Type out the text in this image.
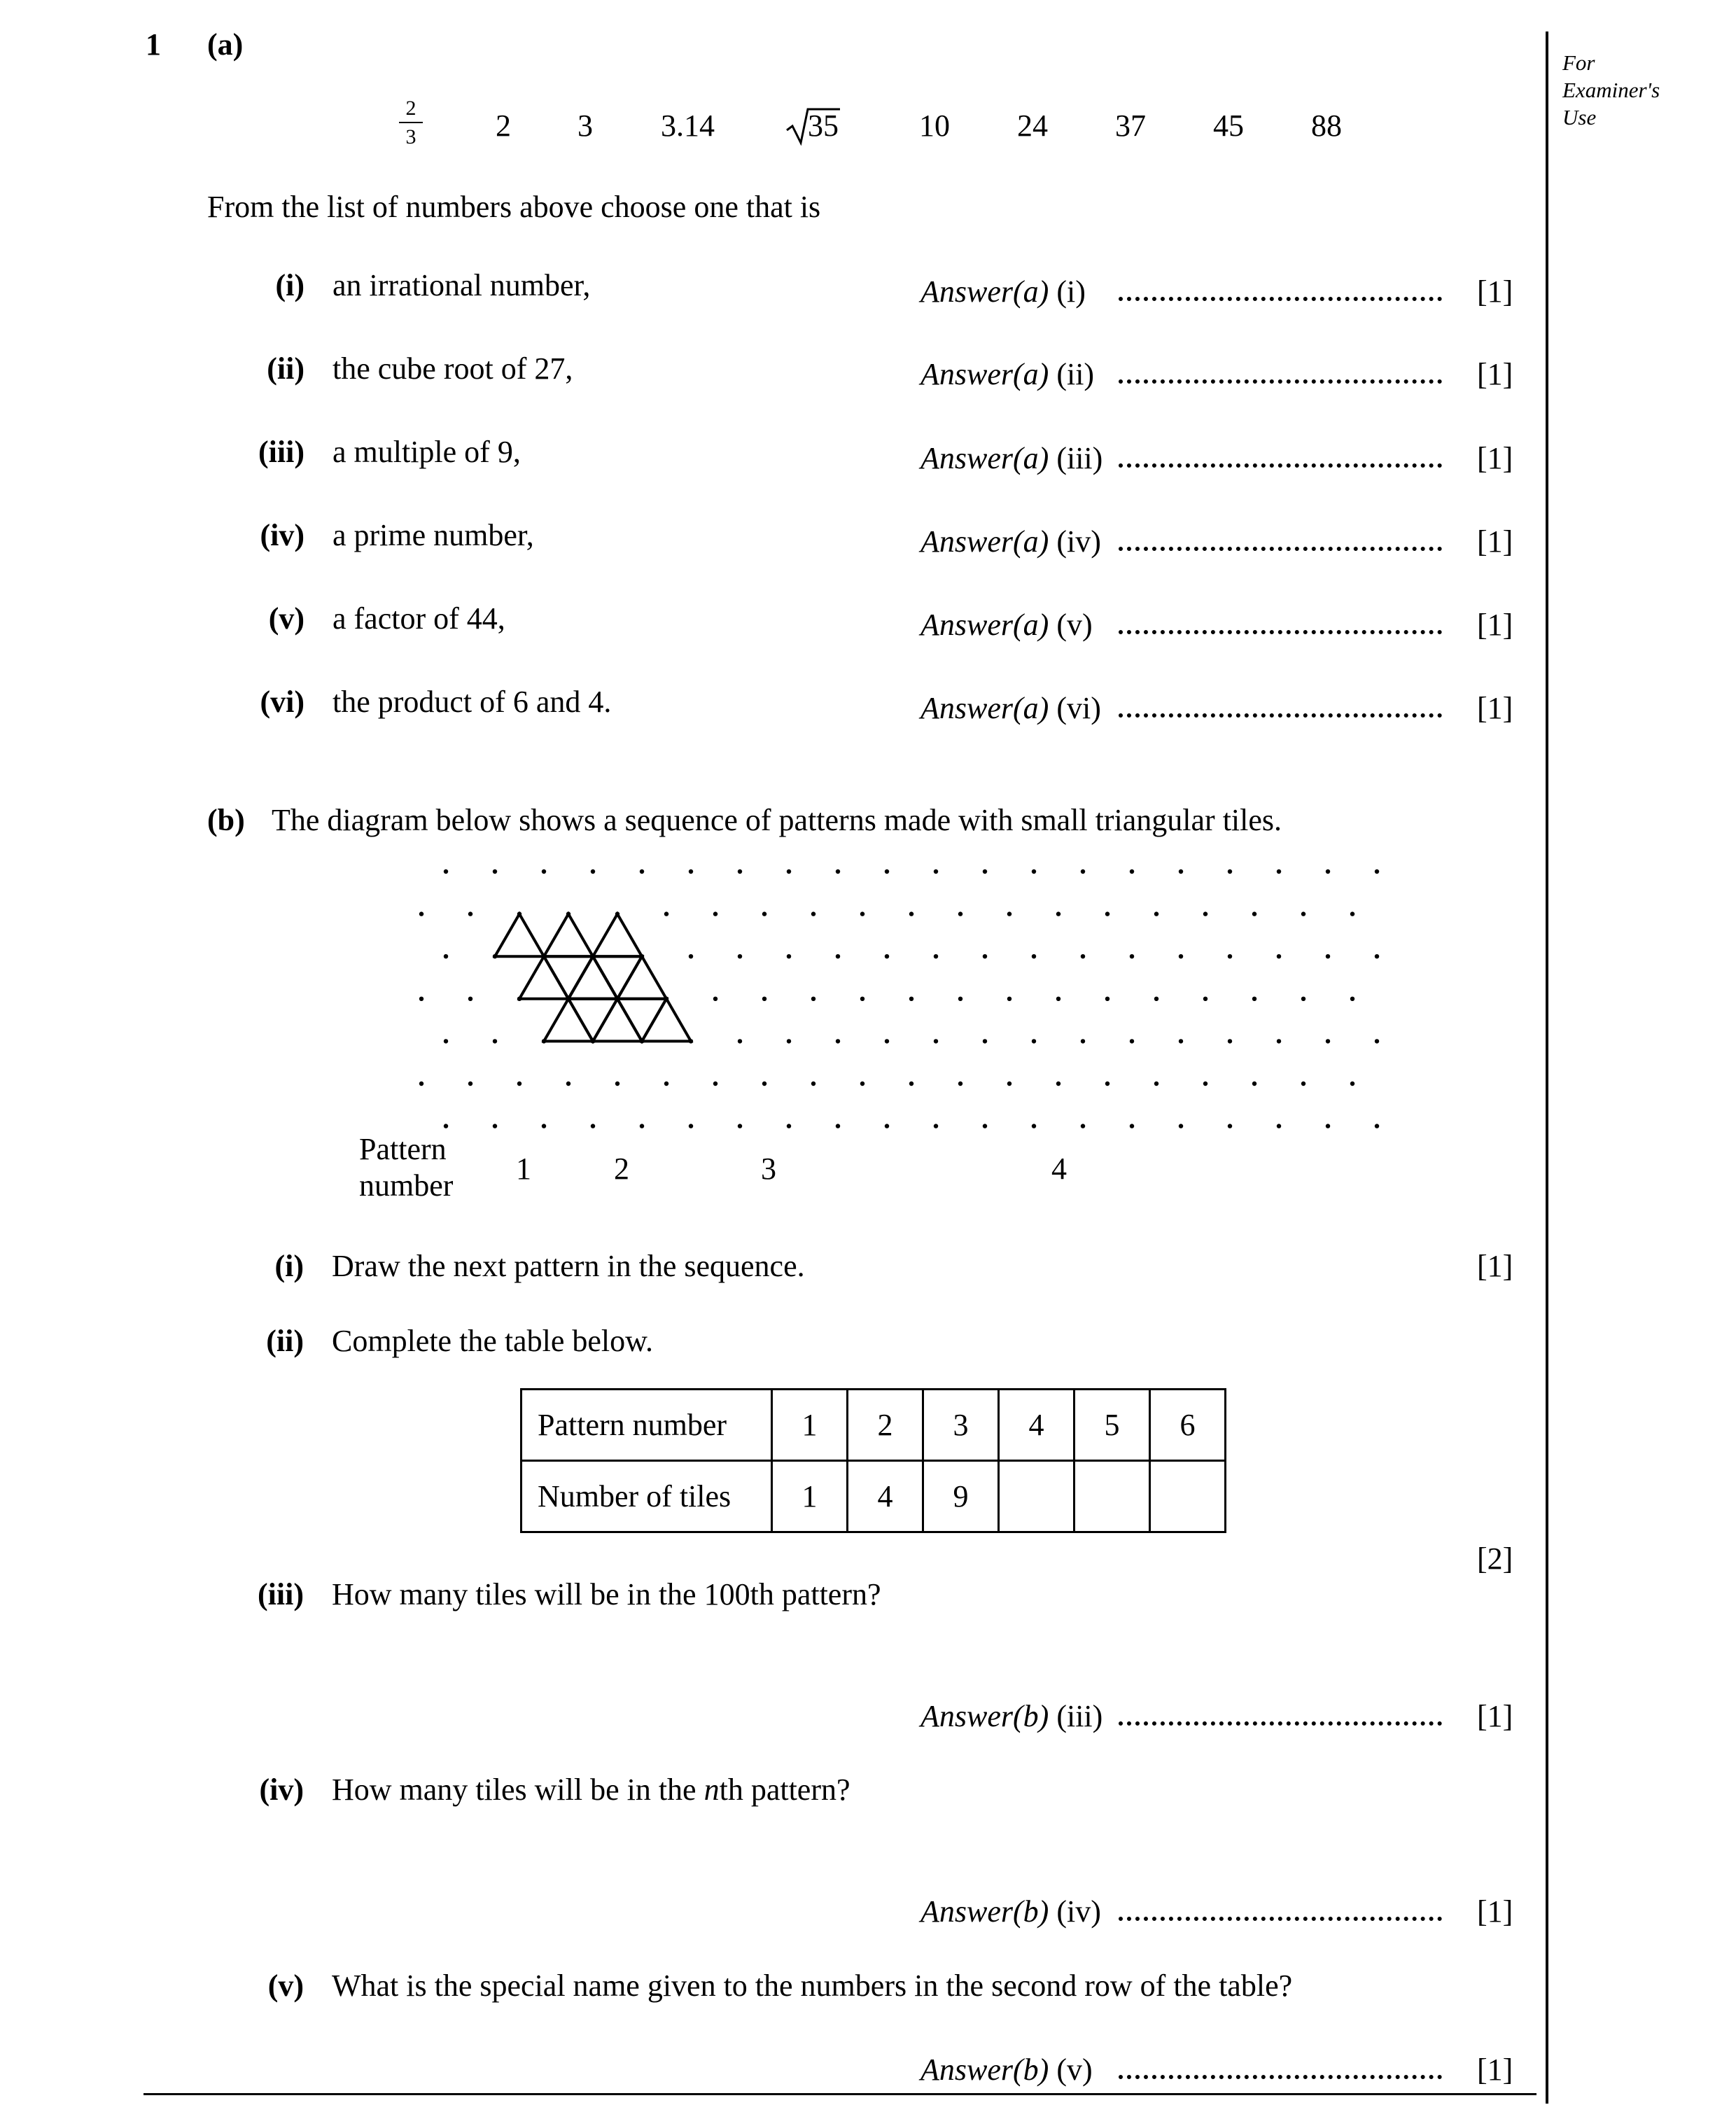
For
Examiner's
Use
1 (a)
2
3	2 3 3.14	35	10 24 37 45 88
From the list of numbers above choose one that is
(i) an irrational number,	Answer(a) (i)	[1]
(ii) the cube root of 27,	Answer(a) (ii)	[1]
(iii) a multiple of 9,	Answer(a) (iii)	[1]
(iv) a prime number,	Answer(a) (iv)	[1]
(v) a factor of 44,	Answer(a) (v)	[1]
(vi) the product of 6 and 4.	Answer(a) (vi)	[1]
(b) The diagram below shows a sequence of patterns made with small triangular tiles.
Pattern
number 1	2	3	4
(i) Draw the next pattern in the sequence.	[1]
(ii) Complete the table below.
Pattern number	1	2	3	4	5	6
Number of tiles	1	4	9			
[2]
(iii) How many tiles will be in the 100th pattern?
Answer(b) (iii)	[1]
(iv) How many tiles will be in the nth pattern?
Answer(b) (iv)	[1]
(v) What is the special name given to the numbers in the second row of the table?
Answer(b) (v)	[1]
